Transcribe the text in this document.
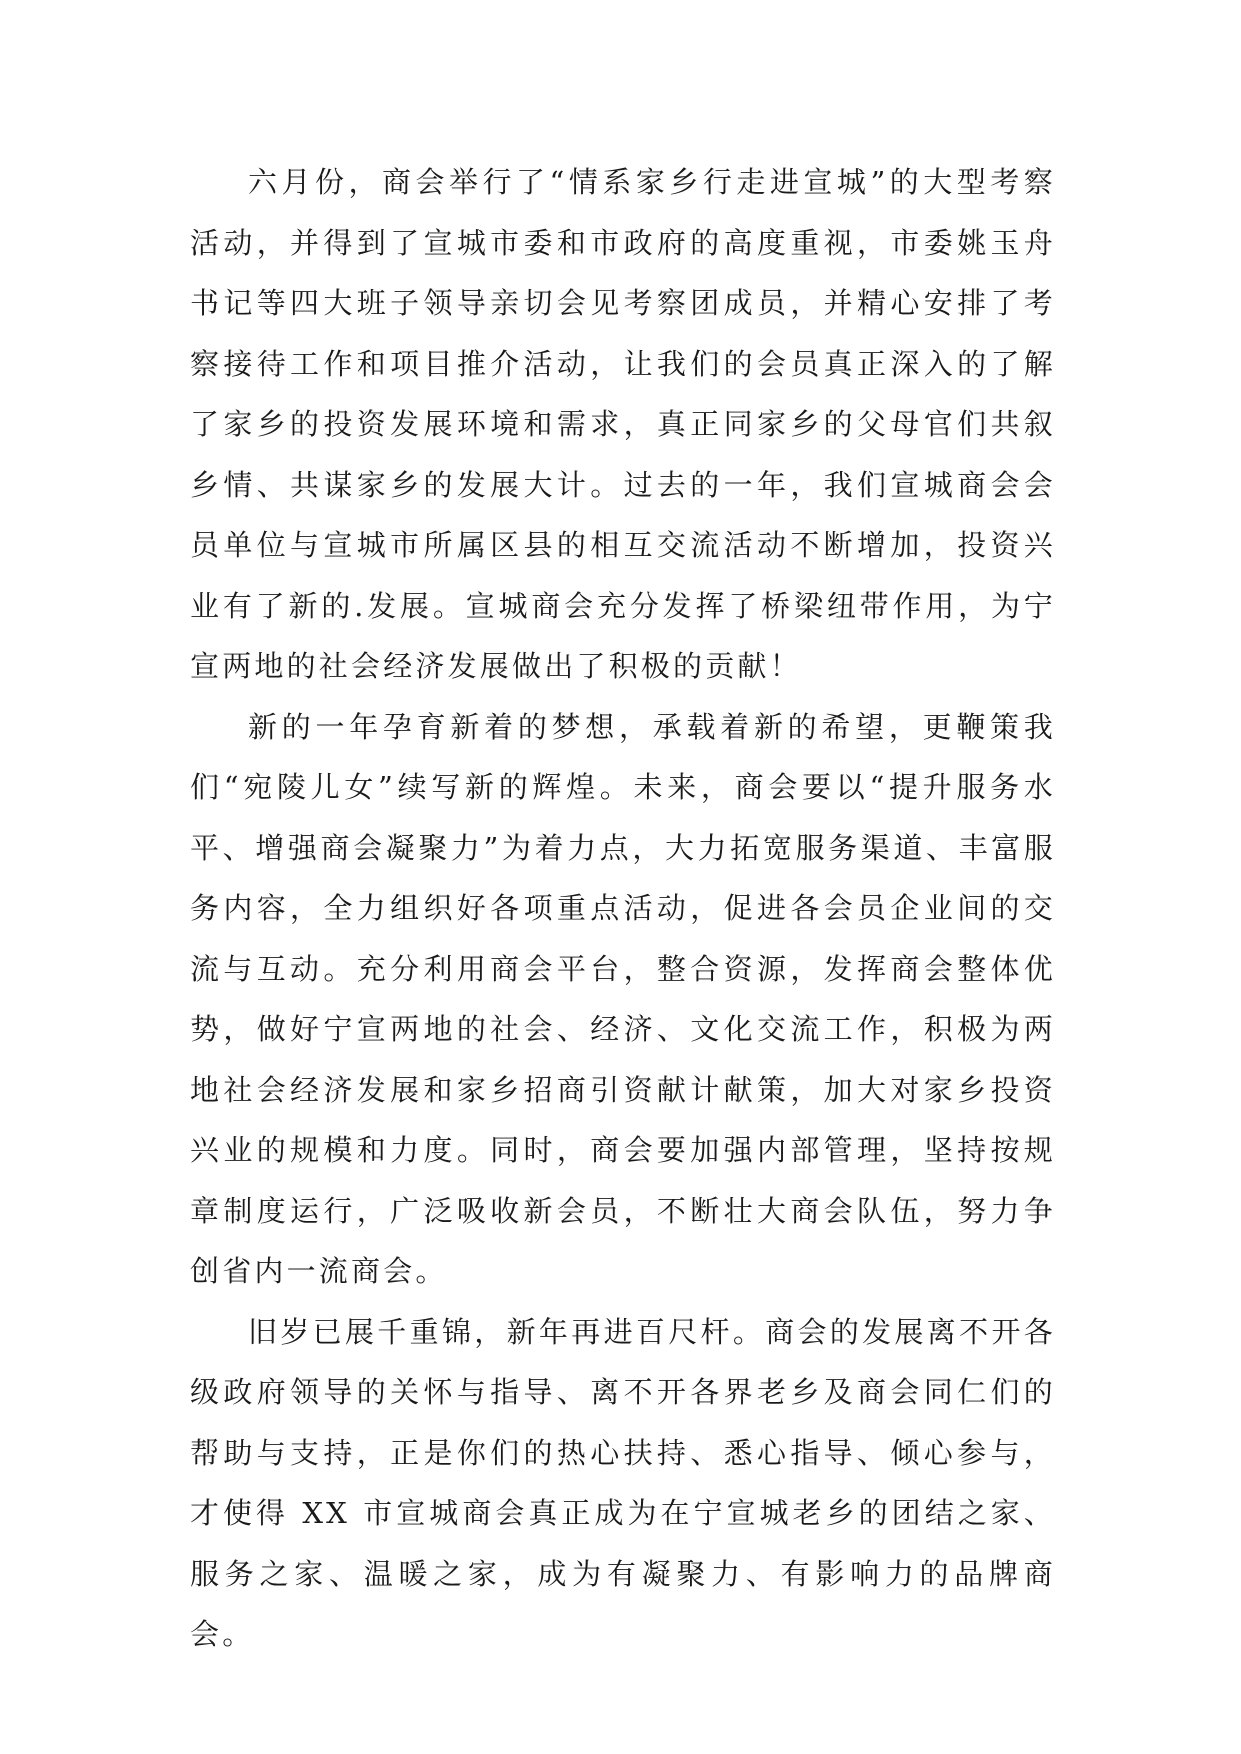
六月份，商会举行了“情系家乡行走进宣城”的大型考察活动，并得到了宣城市委和市政府的高度重视，市委姚玉舟书记等四大班子领导亲切会见考察团成员，并精心安排了考察接待工作和项目推介活动，让我们的会员真正深入的了解了家乡的投资发展环境和需求，真正同家乡的父母官们共叙乡情、共谋家乡的发展大计。过去的一年，我们宣城商会会员单位与宣城市所属区县的相互交流活动不断增加，投资兴业有了新的.发展。宣城商会充分发挥了桥梁纽带作用，为宁宣两地的社会经济发展做出了积极的贡献！

新的一年孕育新着的梦想，承载着新的希望，更鞭策我们“宛陵儿女”续写新的辉煌。未来，商会要以“提升服务水平、增强商会凝聚力”为着力点，大力拓宽服务渠道、丰富服务内容，全力组织好各项重点活动，促进各会员企业间的交流与互动。充分利用商会平台，整合资源，发挥商会整体优势，做好宁宣两地的社会、经济、文化交流工作，积极为两地社会经济发展和家乡招商引资献计献策，加大对家乡投资兴业的规模和力度。同时，商会要加强内部管理，坚持按规章制度运行，广泛吸收新会员，不断壮大商会队伍，努力争创省内一流商会。

旧岁已展千重锦，新年再进百尺杆。商会的发展离不开各级政府领导的关怀与指导、离不开各界老乡及商会同仁们的帮助与支持，正是你们的热心扶持、悉心指导、倾心参与，才使得 XX 市宣城商会真正成为在宁宣城老乡的团结之家、服务之家、温暖之家，成为有凝聚力、有影响力的品牌商会。
